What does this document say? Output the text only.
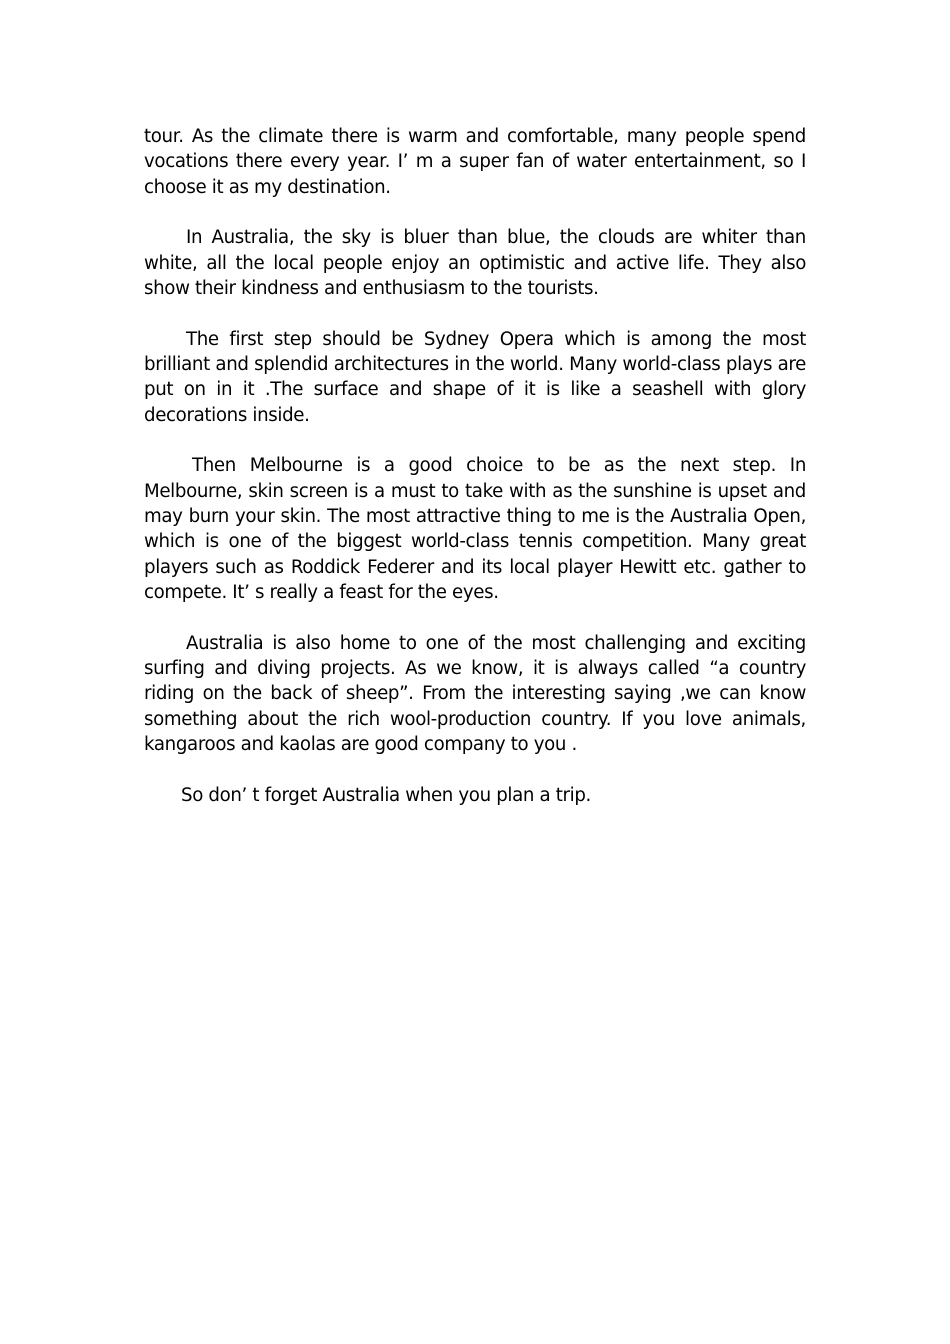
tour. As the climate there is warm and comfortable, many people spend vocations there every year. I’ m a super fan of water entertainment, so I choose it as my destination.

In Australia, the sky is bluer than blue, the clouds are whiter than white, all the local people enjoy an optimistic and active life. They also show their kindness and enthusiasm to the tourists.

The first step should be Sydney Opera which is among the most brilliant and splendid architectures in the world. Many world-class plays are put on in it .The surface and shape of it is like a seashell with glory decorations inside.

Then Melbourne is a good choice to be as the next step. In Melbourne, skin screen is a must to take with as the sunshine is upset and may burn your skin. The most attractive thing to me is the Australia Open, which is one of the biggest world-class tennis competition. Many great players such as Roddick Federer and its local player Hewitt etc. gather to compete. It’ s really a feast for the eyes.

Australia is also home to one of the most challenging and exciting surfing and diving projects. As we know, it is always called “a country riding on the back of sheep”. From the interesting saying ,we can know something about the rich wool-production country. If you love animals, kangaroos and kaolas are good company to you .

So don’ t forget Australia when you plan a trip.
